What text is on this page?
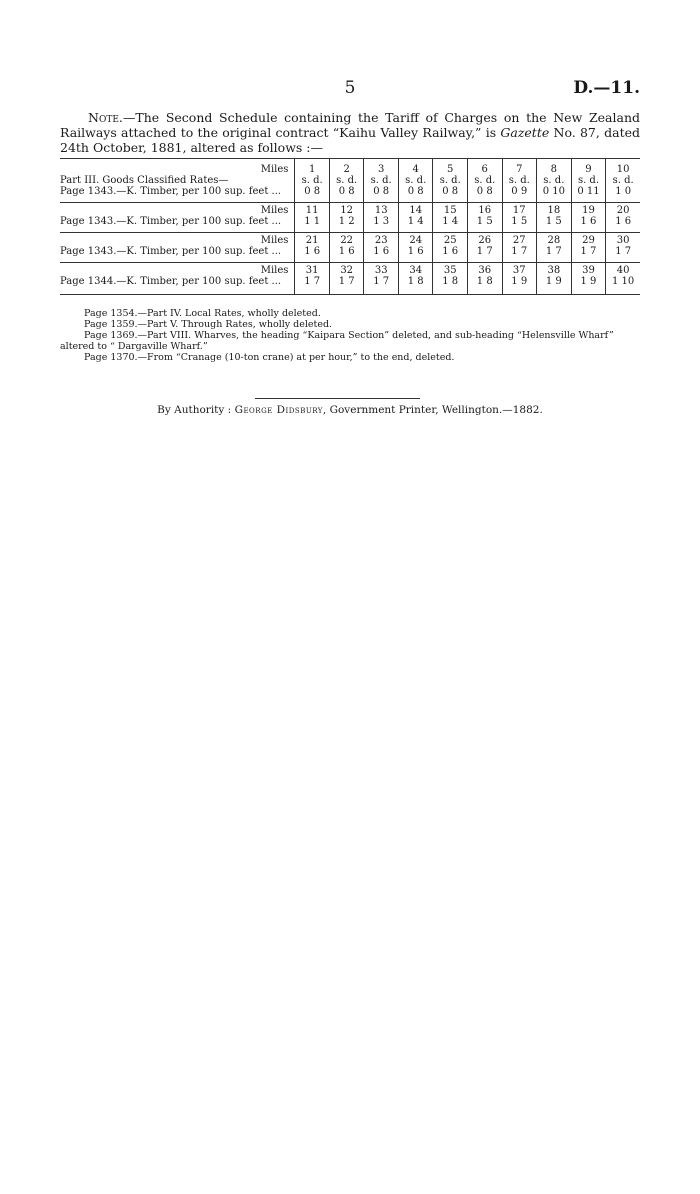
5	D.—11.
Note.—The Second Schedule containing the Tariff of Charges on the New Zealand Railways attached to the original contract “Kaihu Valley Railway,” is Gazette No. 87, dated 24th October, 1881, altered as follows :—

Miles	1	2	3	4	5	6	7	8	9	10
Part III. Goods Classified Rates—	s. d.	s. d.	s. d.	s. d.	s. d.	s. d.	s. d.	s. d.	s. d.	s. d.
Page 1343.—K. Timber, per 100 sup. feet ...	0 8	0 8	0 8	0 8	0 8	0 8	0 9	0 10	0 11	1 0
Miles	11	12	13	14	15	16	17	18	19	20
Page 1343.—K. Timber, per 100 sup. feet ...	1 1	1 2	1 3	1 4	1 4	1 5	1 5	1 5	1 6	1 6
Miles	21	22	23	24	25	26	27	28	29	30
Page 1343.—K. Timber, per 100 sup. feet ...	1 6	1 6	1 6	1 6	1 6	1 7	1 7	1 7	1 7	1 7
Miles	31	32	33	34	35	36	37	38	39	40
Page 1344.—K. Timber, per 100 sup. feet ...	1 7	1 7	1 7	1 8	1 8	1 8	1 9	1 9	1 9	1 10

Page 1354.—Part IV. Local Rates, wholly deleted.
Page 1359.—Part V. Through Rates, wholly deleted.
Page 1369.—Part VIII. Wharves, the heading “Kaipara Section” deleted, and sub-heading “Helensville Wharf”
altered to “ Dargaville Wharf.”
Page 1370.—From “Cranage (10-ton crane) at per hour,” to the end, deleted.
By Authority : George Didsbury, Government Printer, Wellington.—1882.
